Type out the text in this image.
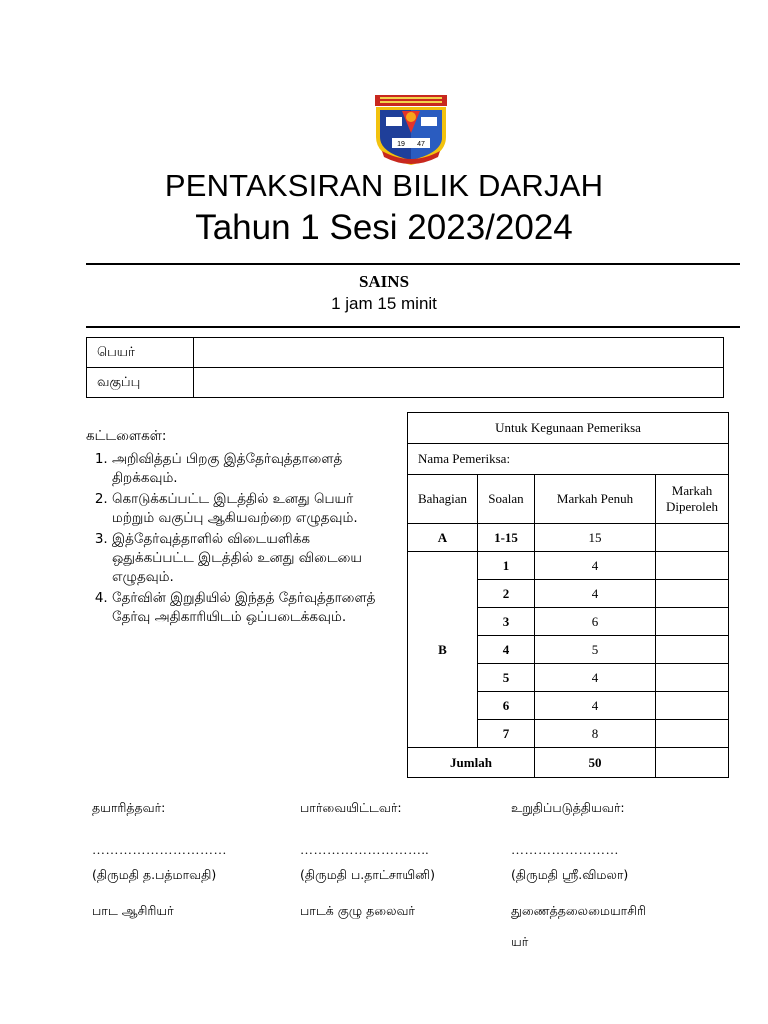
19 47
PENTAKSIRAN BILIK DARJAH
Tahun 1 Sesi 2023/2024
SAINS
1 jam 15 minit
பெயர்	
வகுப்பு	
கட்டளைகள்:
1. அறிவித்தப் பிறகு இத்தேர்வுத்தாளைத் திறக்கவும்.
2. கொடுக்கப்பட்ட இடத்தில் உனது பெயர் மற்றும் வகுப்பு ஆகியவற்றை எழுதவும்.
3. இத்தேர்வுத்தாளில் விடையளிக்க ஒதுக்கப்பட்ட இடத்தில் உனது விடையை எழுதவும்.
4. தேர்வின் இறுதியில் இந்தத் தேர்வுத்தாளைத் தேர்வு அதிகாரியிடம் ஒப்படைக்கவும்.
Untuk Kegunaan Pemeriksa			
Nama Pemeriksa:			
Bahagian	Soalan	Markah Penuh	Markah Diperoleh
A	1-15	15	
B	1	4	
	2	4	
	3	6	
	4	5	
	5	4	
	6	4	
	7	8	
Jumlah		50	
தயாரித்தவர்:	பார்வையிட்டவர்:	உறுதிப்படுத்தியவர்:
…………………………	………………………..	……………………
(திருமதி த.பத்மாவதி)	(திருமதி ப.தாட்சாயினி)	(திருமதி ஸ்ரீ.விமலா)
பாட ஆசிரியர்	பாடக் குழு தலைவர்	துணைத்தலைமையாசிரி
யர்
